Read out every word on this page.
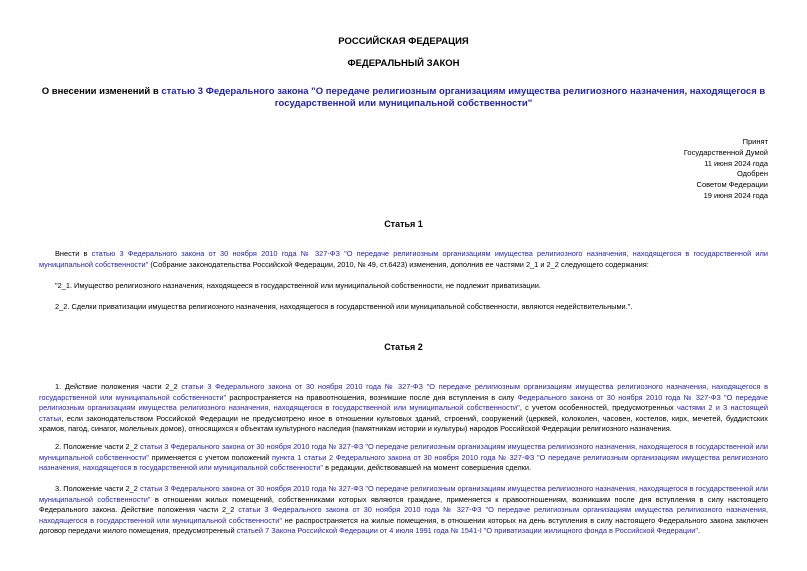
РОССИЙСКАЯ ФЕДЕРАЦИЯ
ФЕДЕРАЛЬНЫЙ ЗАКОН
О внесении изменений в статью 3 Федерального закона "О передаче религиозным организациям имущества религиозного назначения, находящегося в государственной или муниципальной собственности"
Принят
Государственной Думой
11 июня 2024 года
Одобрен
Советом Федерации
19 июня 2024 года
Статья 1

Внести в статью 3 Федерального закона от 30 ноября 2010 года № 327-ФЗ "О передаче религиозным организациям имущества религиозного назначения, находящегося в государственной или муниципальной собственности" (Собрание законодательства Российской Федерации, 2010, № 49, ст.6423) изменения, дополнив ее частями 2_1 и 2_2 следующего содержания:

"2_1. Имущество религиозного назначения, находящееся в государственной или муниципальной собственности, не подлежит приватизации.

2_2. Сделки приватизации имущества религиозного назначения, находящегося в государственной или муниципальной собственности, являются недействительными.".

Статья 2

1. Действие положения части 2_2 статьи 3 Федерального закона от 30 ноября 2010 года № 327-ФЗ "О передаче религиозным организациям имущества религиозного назначения, находящегося в государственной или муниципальной собственности" распространяется на правоотношения, возникшие после дня вступления в силу Федерального закона от 30 ноября 2010 года № 327-ФЗ "О передаче религиозным организациям имущества религиозного назначения, находящегося в государственной или муниципальной собственности", с учетом особенностей, предусмотренных частями 2 и 3 настоящей статьи, если законодательством Российской Федерации не предусмотрено иное в отношении культовых зданий, строений, сооружений (церквей, колоколен, часовен, костелов, кирх, мечетей, буддистских храмов, пагод, синагог, молельных домов), относящихся к объектам культурного наследия (памятникам истории и культуры) народов Российской Федерации религиозного назначения.

2. Положение части 2_2 статьи 3 Федерального закона от 30 ноября 2010 года № 327-ФЗ "О передаче религиозным организациям имущества религиозного назначения, находящегося в государственной или муниципальной собственности" применяется с учетом положений пункта 1 статьи 2 Федерального закона от 30 ноября 2010 года № 327-ФЗ "О передаче религиозным организациям имущества религиозного назначения, находящегося в государственной или муниципальной собственности" в редакции, действовавшей на момент совершения сделки.

3. Положение части 2_2 статьи 3 Федерального закона от 30 ноября 2010 года № 327-ФЗ "О передаче религиозным организациям имущества религиозного назначения, находящегося в государственной или муниципальной собственности" в отношении жилых помещений, собственниками которых являются граждане, применяется к правоотношениям, возникшим после дня вступления в силу настоящего Федерального закона. Действие положения части 2_2 статьи 3 Федерального закона от 30 ноября 2010 года № 327-ФЗ "О передаче религиозным организациям имущества религиозного назначения, находящегося в государственной или муниципальной собственности" не распространяется на жилые помещения, в отношении которых на день вступления в силу настоящего Федерального закона заключен договор передачи жилого помещения, предусмотренный статьей 7 Закона Российской Федерации от 4 июля 1991 года № 1541-I "О приватизации жилищного фонда в Российской Федерации".
